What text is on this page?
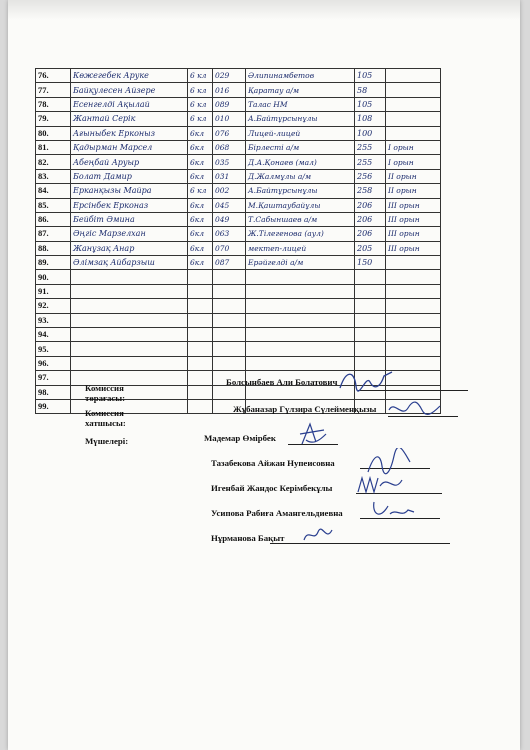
76.	Көжегебек Аруке	6 кл	029	Әлипинамбетов	105	
77.	Байқулесен Айзере	6 кл	016	Қаратау а/м	58	
78.	Есенгелді Ақылай	6 кл	089	Талас НМ	105	
79.	Жантай Серік	6 кл	010	А.Байтұрсынұлы	108	
80.	Ағыныбек Ерконыз	6кл	076	Лицей-лицей	100	
81.	Қадырман Марсел	6кл	068	Бірлесті а/м	255	I орын
82.	Абеңбай Аруыр	6кл	035	Д.А.Қонаев (мал)	255	I орын
83.	Болат Дамир	6кл	031	Д.Жалмұлы а/м	256	II орын
84.	Ерканқызы Майра	6 кл	002	А.Байтұрсынұлы	258	II орын
85.	Ерсінбек Ерконаз	6кл	045	М.Қаштаубайұлы	206	III орын
86.	Бейбіт Әмина	6кл	049	Т.Сабыншаев а/м	206	III орын
87.	Әңгіс Марзелхан	6кл	063	Ж.Тілегенова (аул)	206	III орын
88.	Жанұзақ Анар	6кл	070	мектеп-лицей	205	III орын
89.	Әлімзақ Айбарзыш	6кл	087	Ерәйгелді а/м	150	
90.						
91.						
92.						
93.						
94.						
95.						
96.						
97.						
98.						
99.						
Комиссия төрағасы:
Болсынбаев Али Болатович
Комиссия хатшысы:
Жұбаназар Гүлзира Сүлейменқызы
Мүшелері:	Мадемар Өмірбек
Тазабекова Айжан Нупеисовна
Игенбай Жандос Керімбекұлы
Усипова Рабиға Амангельдиевна
Нұрманова Бақыт
